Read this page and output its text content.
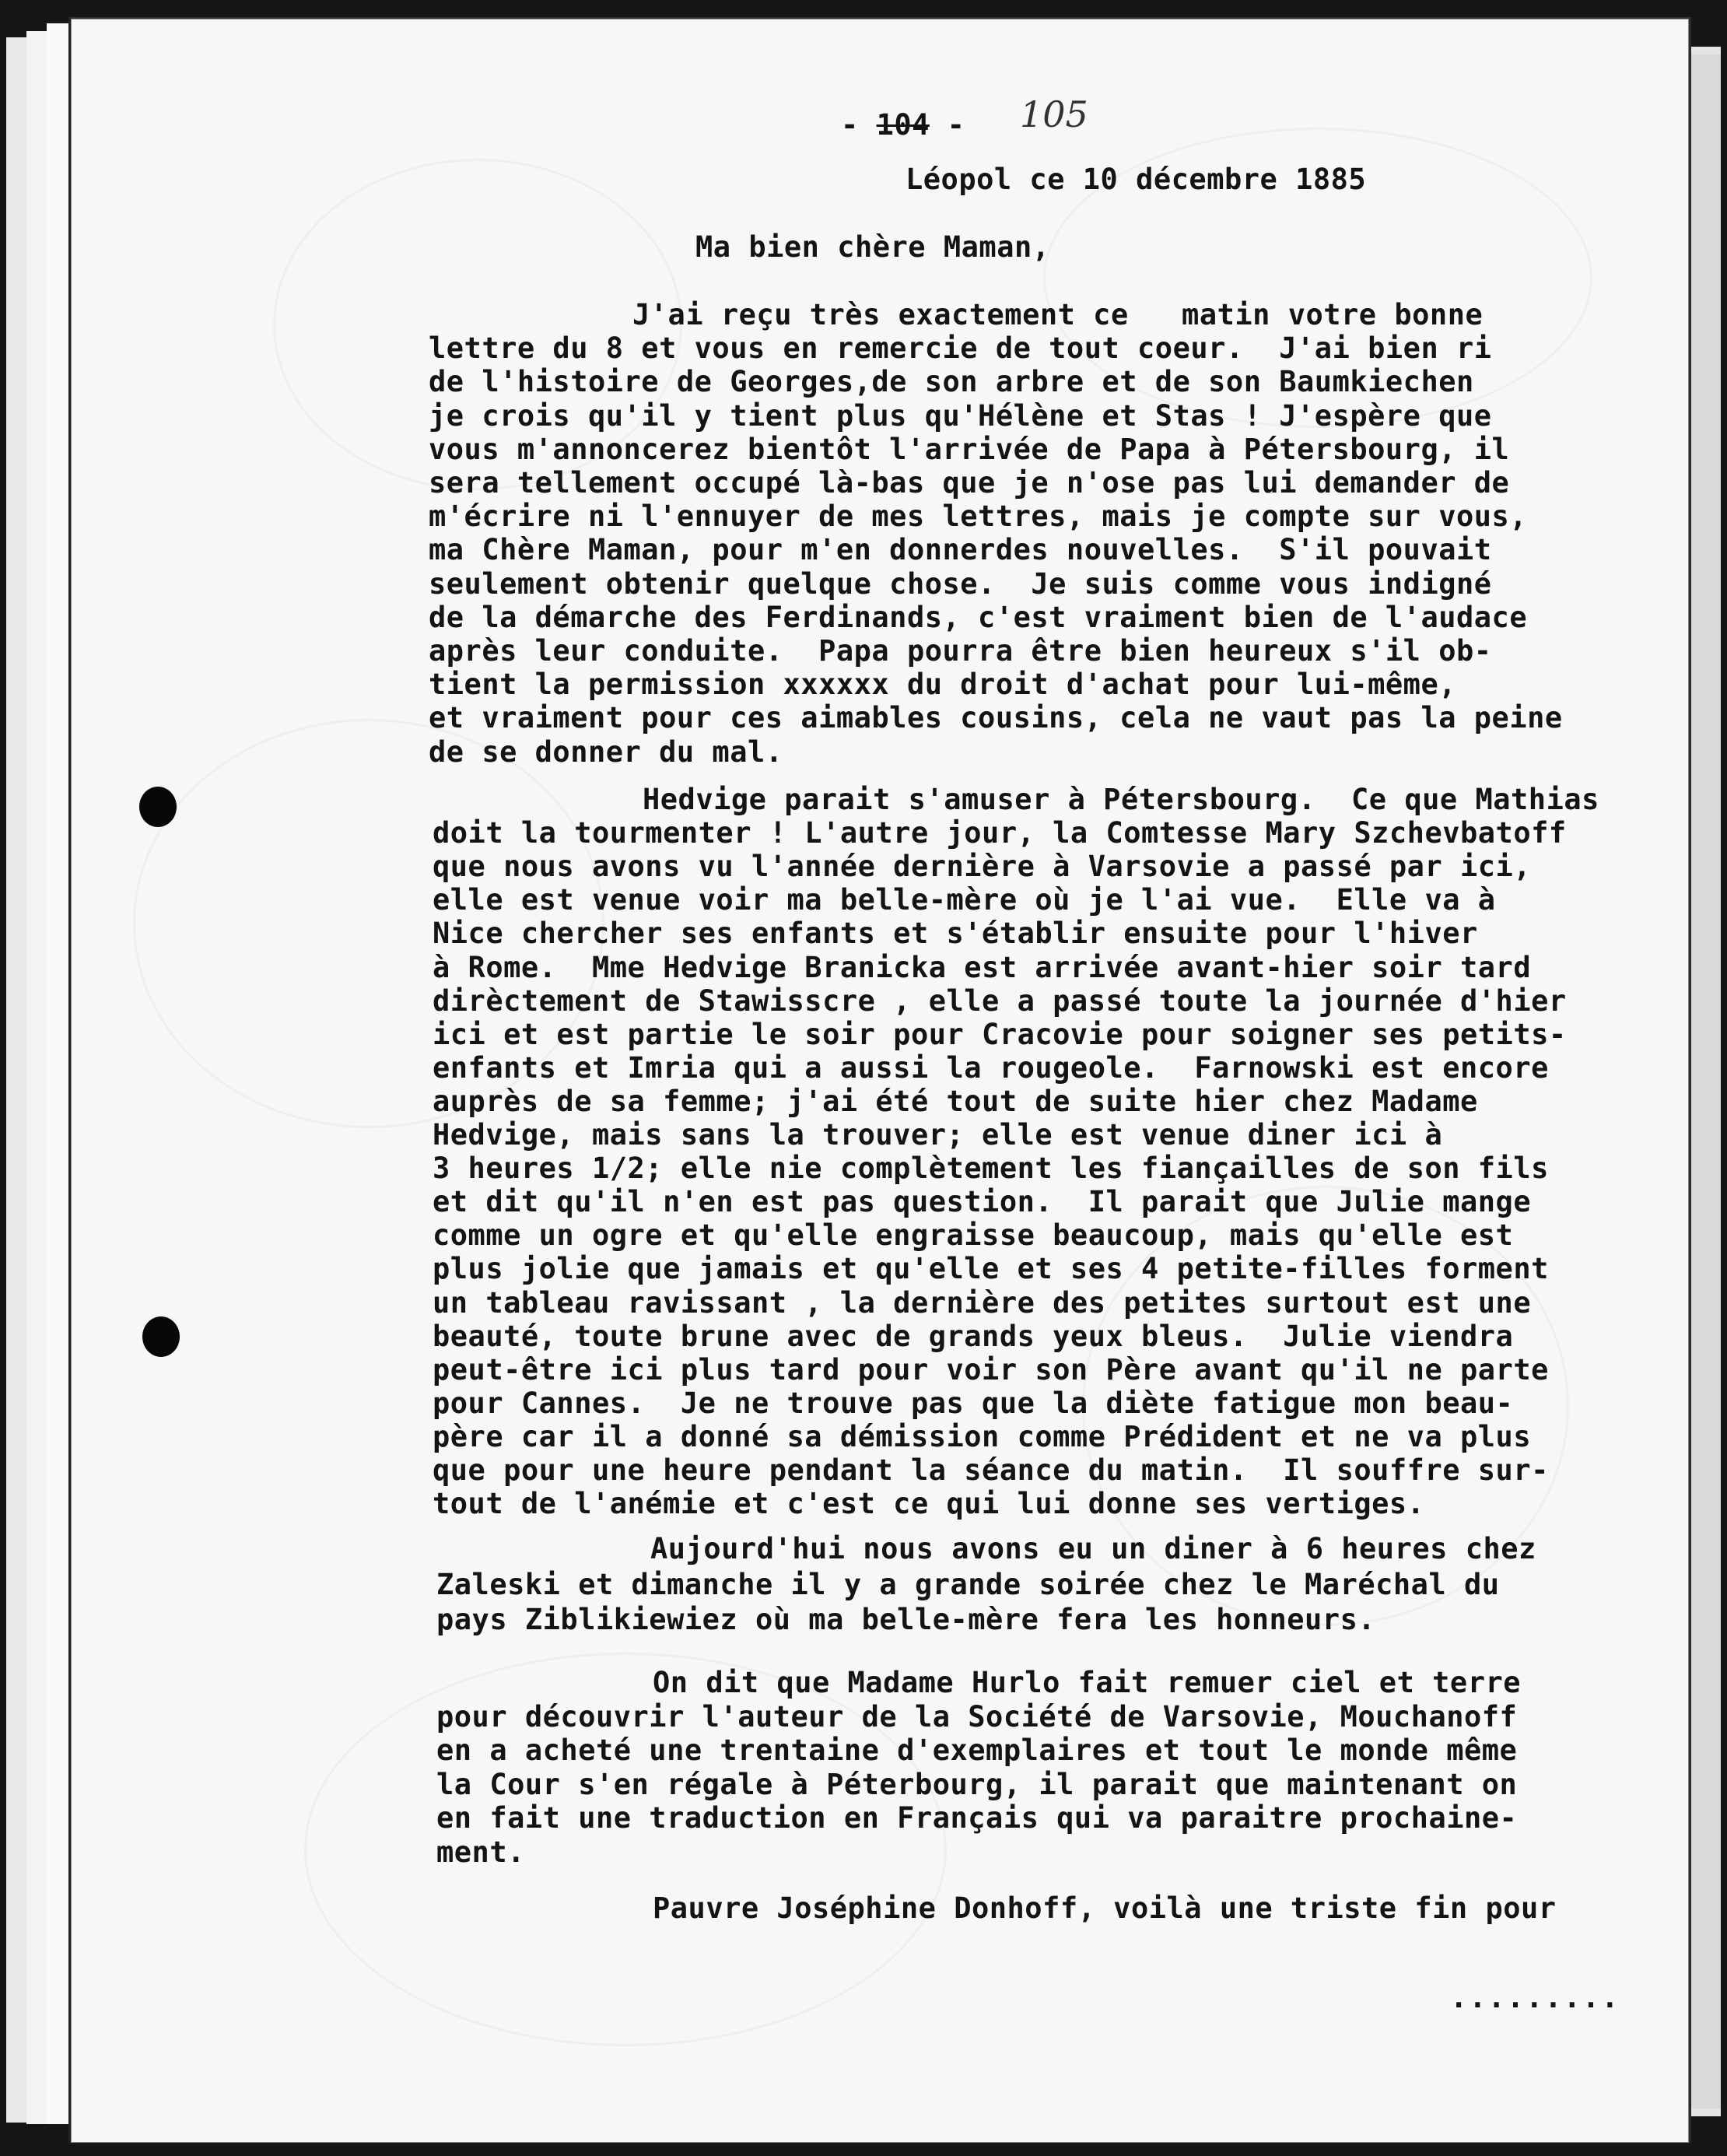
- 104 - 105
Léopol ce 10 décembre 1885
Ma bien chère Maman,
J'ai reçu très exactement ce   matin votre bonne
lettre du 8 et vous en remercie de tout coeur.  J'ai bien ri
de l'histoire de Georges,de son arbre et de son Baumkiechen
je crois qu'il y tient plus qu'Hélène et Stas ! J'espère que
vous m'annoncerez bientôt l'arrivée de Papa à Pétersbourg, il
sera tellement occupé là-bas que je n'ose pas lui demander de
m'écrire ni l'ennuyer de mes lettres, mais je compte sur vous,
ma Chère Maman, pour m'en donnerdes nouvelles.  S'il pouvait
seulement obtenir quelque chose.  Je suis comme vous indigné
de la démarche des Ferdinands, c'est vraiment bien de l'audace
après leur conduite.  Papa pourra être bien heureux s'il ob-
tient la permission xxxxxx du droit d'achat pour lui-même,
et vraiment pour ces aimables cousins, cela ne vaut pas la peine
de se donner du mal.
Hedvige parait s'amuser à Pétersbourg.  Ce que Mathias
doit la tourmenter ! L'autre jour, la Comtesse Mary Szchevbatoff
que nous avons vu l'année dernière à Varsovie a passé par ici,
elle est venue voir ma belle-mère où je l'ai vue.  Elle va à
Nice chercher ses enfants et s'établir ensuite pour l'hiver
à Rome.  Mme Hedvige Branicka est arrivée avant-hier soir tard
dirèctement de Stawisscre , elle a passé toute la journée d'hier
ici et est partie le soir pour Cracovie pour soigner ses petits-
enfants et Imria qui a aussi la rougeole.  Farnowski est encore
auprès de sa femme; j'ai été tout de suite hier chez Madame
Hedvige, mais sans la trouver; elle est venue diner ici à
3 heures 1/2; elle nie complètement les fiançailles de son fils
et dit qu'il n'en est pas question.  Il parait que Julie mange
comme un ogre et qu'elle engraisse beaucoup, mais qu'elle est
plus jolie que jamais et qu'elle et ses 4 petite-filles forment
un tableau ravissant , la dernière des petites surtout est une
beauté, toute brune avec de grands yeux bleus.  Julie viendra
peut-être ici plus tard pour voir son Père avant qu'il ne parte
pour Cannes.  Je ne trouve pas que la diète fatigue mon beau-
père car il a donné sa démission comme Prédident et ne va plus
que pour une heure pendant la séance du matin.  Il souffre sur-
tout de l'anémie et c'est ce qui lui donne ses vertiges.
Aujourd'hui nous avons eu un diner à 6 heures chez
Zaleski et dimanche il y a grande soirée chez le Maréchal du
pays Ziblikiewiez où ma belle-mère fera les honneurs.
On dit que Madame Hurlo fait remuer ciel et terre
pour découvrir l'auteur de la Société de Varsovie, Mouchanoff
en a acheté une trentaine d'exemplaires et tout le monde même
la Cour s'en régale à Péterbourg, il parait que maintenant on
en fait une traduction en Français qui va paraitre prochaine-
ment.
Pauvre Joséphine Donhoff, voilà une triste fin pour
.........
